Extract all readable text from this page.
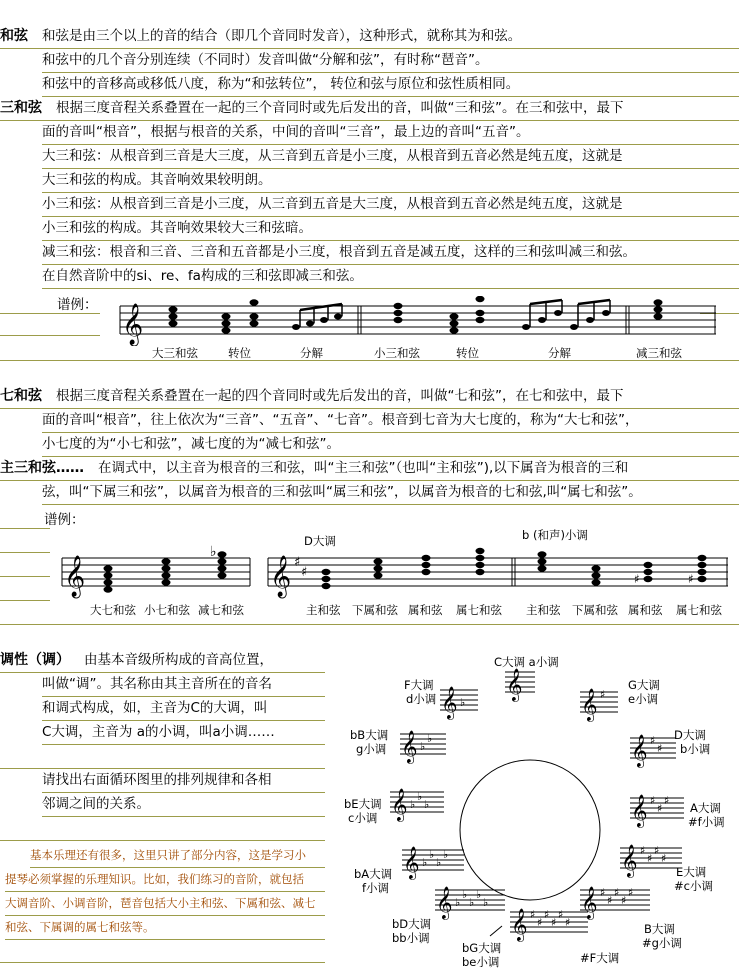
和弦 和弦是由三个以上的音的结合（即几个音同时发音），这种形式，就称其为和弦。
和弦中的几个音分别连续（不同时）发音叫做“分解和弦”，有时称“琶音”。
和弦中的音移高或移低八度，称为“和弦转位”， 转位和弦与原位和弦性质相同。
三和弦 根据三度音程关系叠置在一起的三个音同时或先后发出的音，叫做“三和弦”。在三和弦中，最下
面的音叫“根音”，根据与根音的关系，中间的音叫“三音”，最上边的音叫“五音”。
大三和弦：从根音到三音是大三度，从三音到五音是小三度，从根音到五音必然是纯五度，这就是
大三和弦的构成。其音响效果较明朗。
小三和弦：从根音到三音是小三度，从三音到五音是大三度，从根音到五音必然是纯五度，这就是
小三和弦的构成。其音响效果较大三和弦暗。
减三和弦：根音和三音、三音和五音都是小三度，根音到五音是减五度，这样的三和弦叫减三和弦。
在自然音阶中的si、re、fa构成的三和弦即减三和弦。
谱例： 𝄞
大三和弦	转位	分解	小三和弦	转位	分解	减三和弦
七和弦 根据三度音程关系叠置在一起的四个音同时或先后发出的音，叫做“七和弦”，在七和弦中，最下
面的音叫“根音”，往上依次为“三音”、“五音”、“七音”。根音到七音为大七度的，称为“大七和弦”，
小七度的为“小七和弦”，减七度的为“减七和弦”。
主三和弦…… 在调式中，以主音为根音的三和弦，叫“主三和弦”（也叫“主和弦”),以下属音为根音的三和
弦，叫“下属三和弦”，以属音为根音的三和弦叫“属三和弦”，以属音为根音的七和弦,叫“属七和弦”。
谱例：
D大调	b (和声)小调
𝄞	𝄞 ♯
♯
♭
♯	♯
大七和弦 小七和弦 减七和弦	主和弦 下属和弦 属和弦 属七和弦 主和弦 下属和弦 属和弦 属七和弦
调性（调） 由基本音级所构成的音高位置，
叫做“调”。其名称由其主音所在的音名
和调式构成，如，主音为C的大调，叫
C大调，主音为 a的小调，叫a小调……
请找出右面循环图里的排列规律和各相
邻调之间的关系。
基本乐理还有很多，这里只讲了部分内容，这是学习小
提琴必须掌握的乐理知识。比如，我们练习的音阶，就包括
大调音阶、小调音阶，琶音包括大小主和弦、下属和弦、减七
和弦、下属调的属七和弦等。
𝄞
𝄞 ♯
𝄞 ♯
♯
𝄞 ♯
♯
♯
𝄞 ♯
♯
♯
♯
𝄞 ♯
♯
♯
♯
♯
𝄞 ♯
♯
♯
♯
♯
♯
𝄞 ♭
♭
♭
♭
♭
𝄞 ♭
♭
♭
♭
𝄞 ♭
♭
♭
𝄞 ♭
♭
𝄞 ♭
C大调 a小调
G大调
e小调
D大调
b小调
A大调
#f小调
E大调
#c小调
B大调
#g小调
#F大调
bG大调
be小调
bD大调
bb小调
bA大调
f小调
bE大调
c小调
bB大调
g小调
F大调
d小调
